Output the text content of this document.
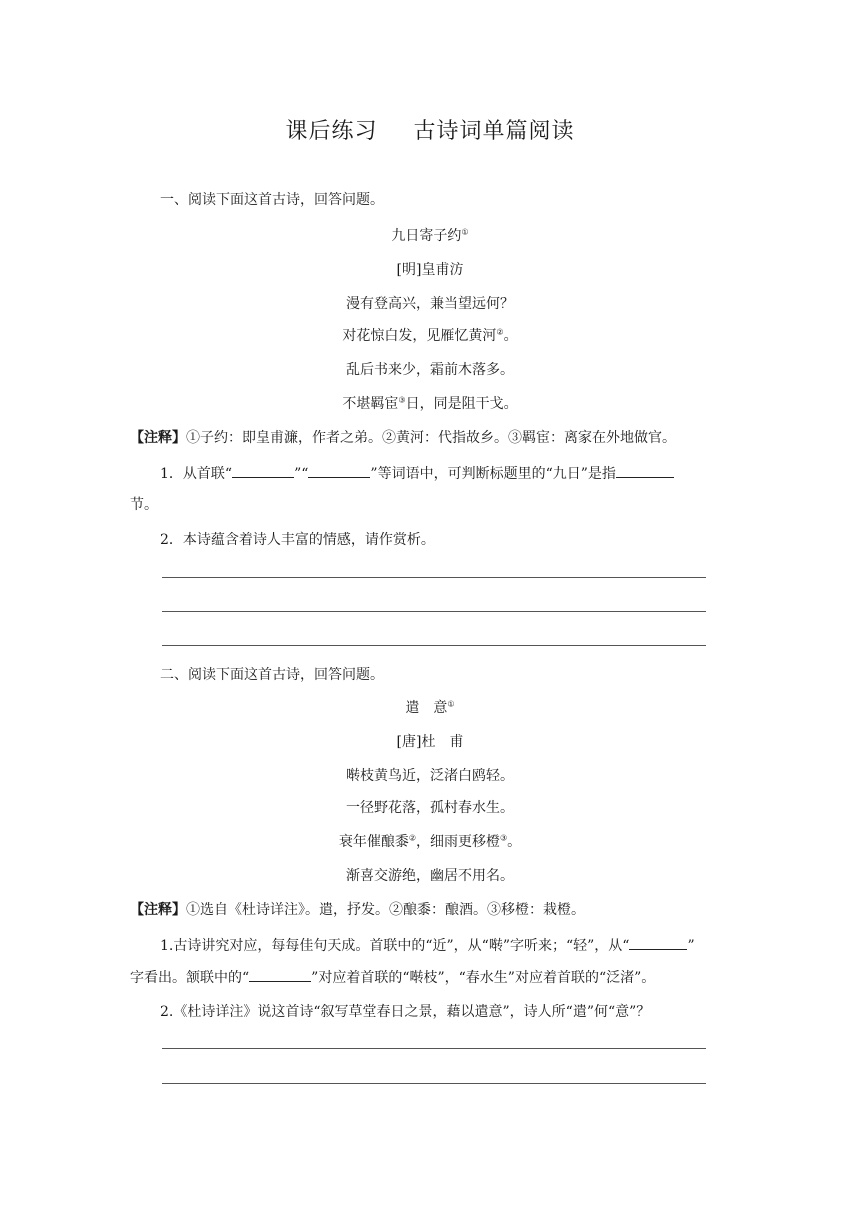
课后练习 古诗词单篇阅读
一、阅读下面这首古诗，回答问题。
九日寄子约①
[明]皇甫汸
漫有登高兴，兼当望远何？
对花惊白发，见雁忆黄河②。
乱后书来少，霜前木落多。
不堪羁宦③日，同是阻干戈。
【注释】①子约：即皇甫濂，作者之弟。②黄河：代指故乡。③羁宦：离家在外地做官。
1．从首联“	”“	”等词语中，可判断标题里的“九日”是指
节。
2．本诗蕴含着诗人丰富的情感，请作赏析。
二、阅读下面这首古诗，回答问题。
遣 意①
[唐]杜 甫
啭枝黄鸟近，泛渚白鸥轻。
一径野花落，孤村春水生。
衰年催酿黍②，细雨更移橙③。
渐喜交游绝，幽居不用名。
【注释】①选自《杜诗详注》。遣，抒发。②酿黍：酿酒。③移橙：栽橙。
1.古诗讲究对应，每每佳句天成。首联中的“近”，从“啭”字听来；“轻”，从“	”
字看出。颔联中的“	”对应着首联的“啭枝”，“春水生”对应着首联的“泛渚”。
2.《杜诗详注》说这首诗“叙写草堂春日之景，藉以遣意”，诗人所“遣”何“意”？
